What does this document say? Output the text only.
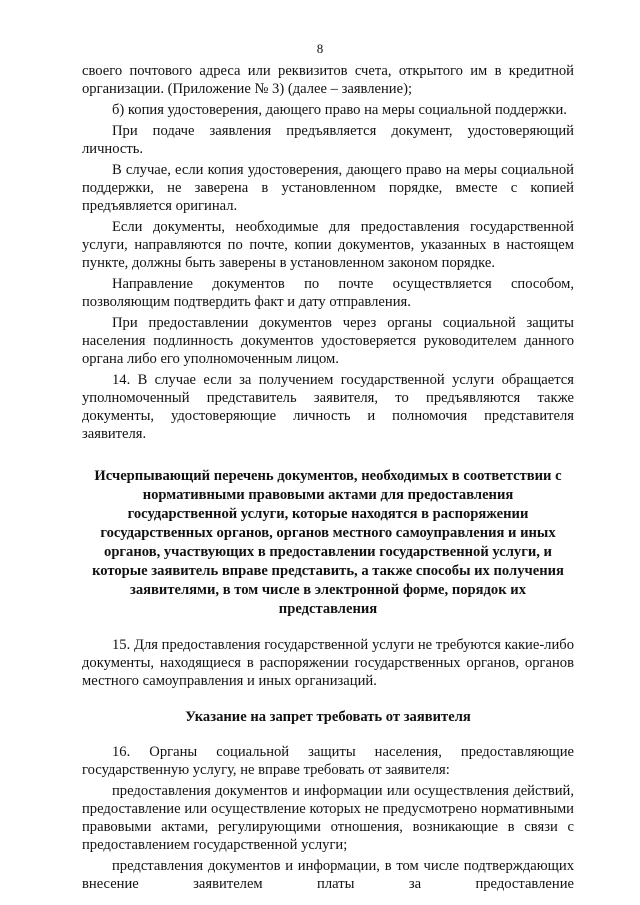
8

своего почтового адреса или реквизитов счета, открытого им в кредитной организации. (Приложение № 3) (далее – заявление);

б) копия удостоверения, дающего право на меры социальной поддержки.

При подаче заявления предъявляется документ, удостоверяющий личность.

В случае, если копия удостоверения, дающего право на меры социальной поддержки, не заверена в установленном порядке, вместе с копией предъявляется оригинал.

Если документы, необходимые для предоставления государственной услуги, направляются по почте, копии документов, указанных в настоящем пункте, должны быть заверены в установленном законом порядке.

Направление документов по почте осуществляется способом, позволяющим подтвердить факт и дату отправления.

При предоставлении документов через органы социальной защиты населения подлинность документов удостоверяется руководителем данного органа либо его уполномоченным лицом.

14. В случае если за получением государственной услуги обращается уполномоченный представитель заявителя, то предъявляются также документы, удостоверяющие личность и полномочия представителя заявителя.

Исчерпывающий перечень документов, необходимых в соответствии с нормативными правовыми актами для предоставления государственной услуги, которые находятся в распоряжении государственных органов, органов местного самоуправления и иных органов, участвующих в предоставлении государственной услуги, и которые заявитель вправе представить, а также способы их получения заявителями, в том числе в электронной форме, порядок их представления

15. Для предоставления государственной услуги не требуются какие-либо документы, находящиеся в распоряжении государственных органов, органов местного самоуправления и иных организаций.

Указание на запрет требовать от заявителя

16. Органы социальной защиты населения, предоставляющие государственную услугу, не вправе требовать от заявителя:

предоставления документов и информации или осуществления действий, предоставление или осуществление которых не предусмотрено нормативными правовыми актами, регулирующими отношения, возникающие в связи с предоставлением государственной услуги;

представления документов и информации, в том числе подтверждающих внесение заявителем платы за предоставление
